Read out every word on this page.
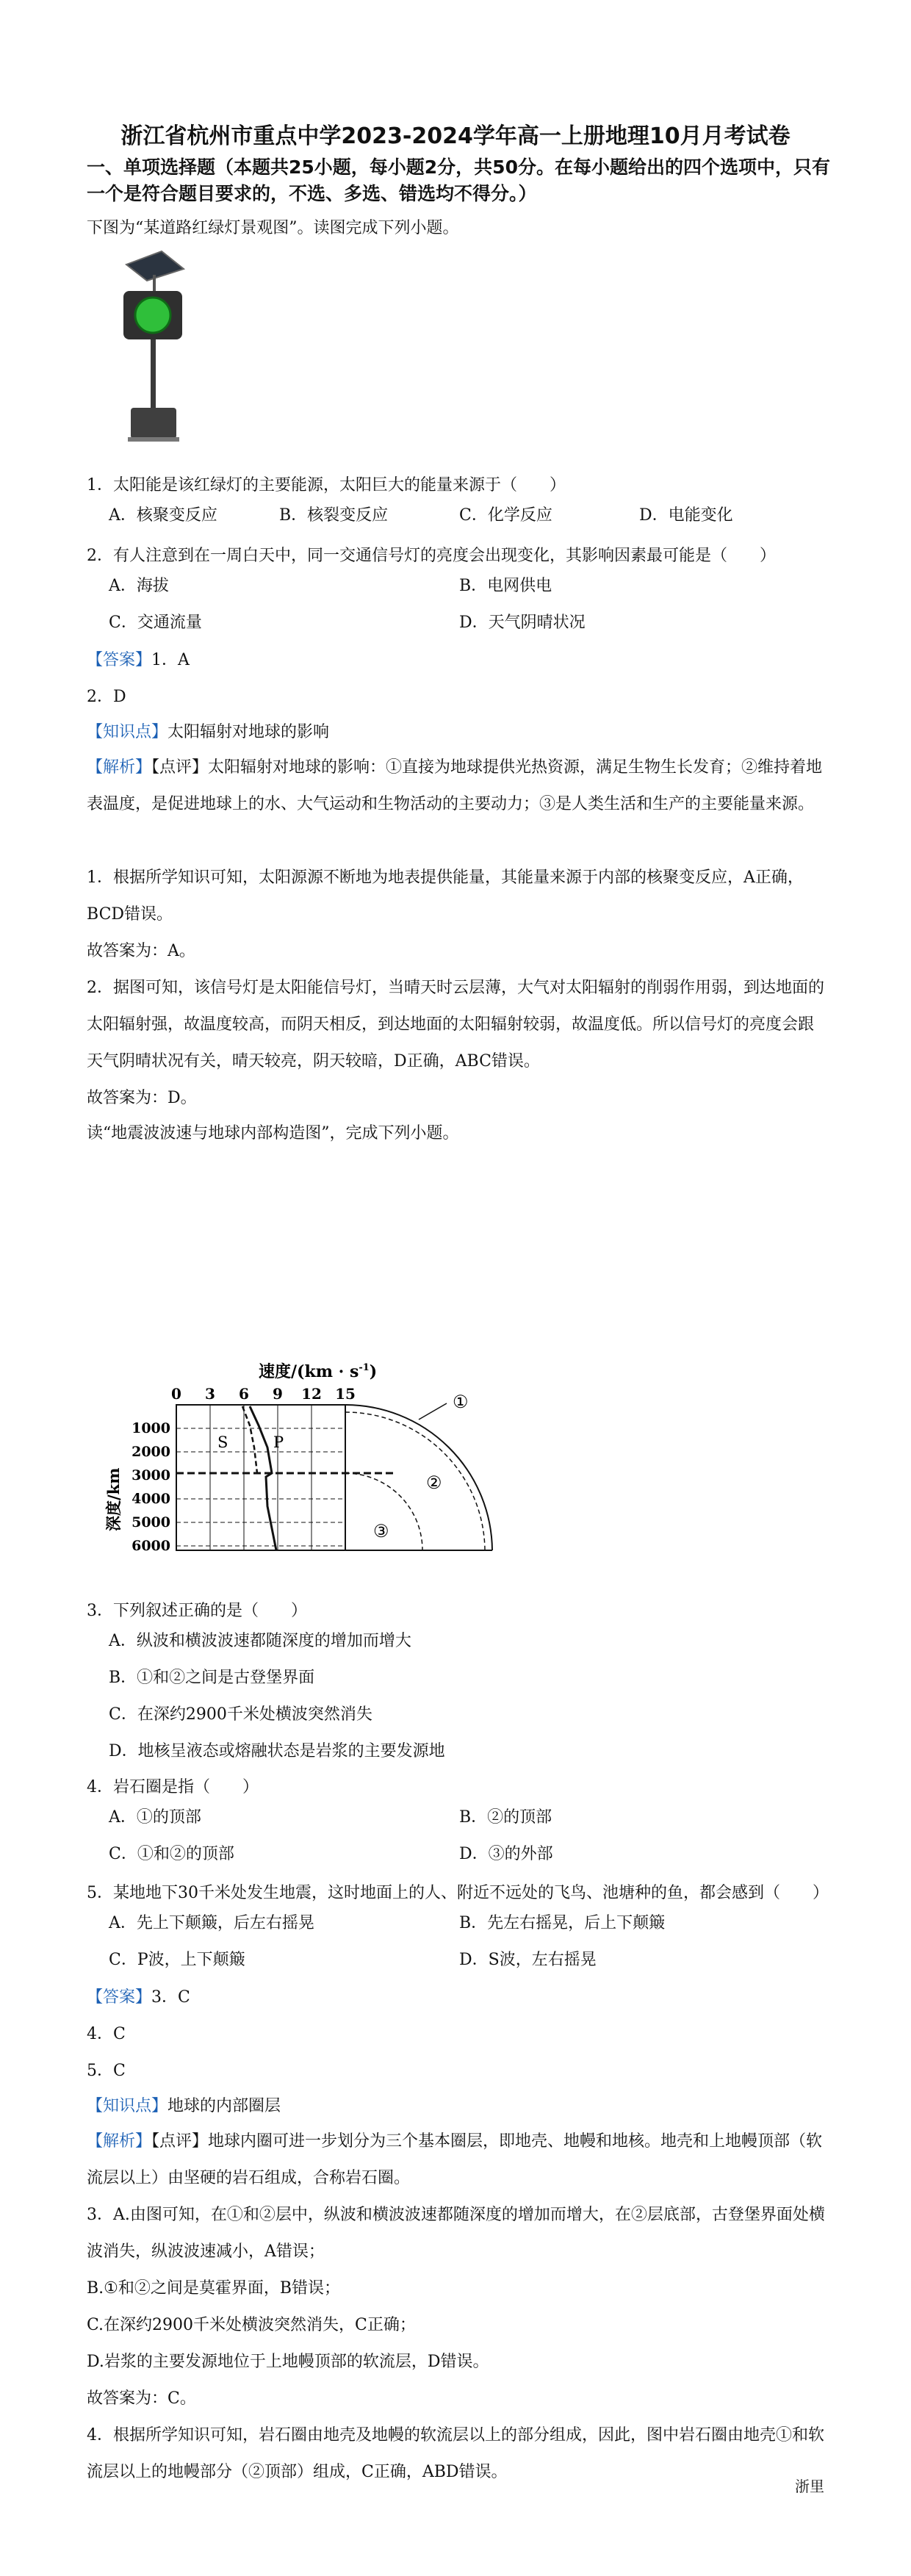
浙江省杭州市重点中学2023-2024学年高一上册地理10月月考试卷
一、单项选择题（本题共25小题，每小题2分，共50分。在每小题给出的四个选项中，只有一个是符合题目要求的，不选、多选、错选均不得分。）
下图为“某道路红绿灯景观图”。读图完成下列小题。
1．太阳能是该红绿灯的主要能源，太阳巨大的能量来源于（　　）
A．核聚变反应	B．核裂变反应	C．化学反应	D．电能变化
2．有人注意到在一周白天中，同一交通信号灯的亮度会出现变化，其影响因素最可能是（　　）
A．海拔	B．电网供电
C．交通流量	D．天气阴晴状况
【答案】1．A
2．D
【知识点】太阳辐射对地球的影响
【解析】【点评】太阳辐射对地球的影响：①直接为地球提供光热资源，满足生物生长发育；②维持着地表温度，是促进地球上的水、大气运动和生物活动的主要动力；③是人类生活和生产的主要能量来源。
1．根据所学知识可知，太阳源源不断地为地表提供能量，其能量来源于内部的核聚变反应，A正确，BCD错误。
故答案为：A。
2．据图可知，该信号灯是太阳能信号灯，当晴天时云层薄，大气对太阳辐射的削弱作用弱，到达地面的太阳辐射强，故温度较高，而阴天相反，到达地面的太阳辐射较弱，故温度低。所以信号灯的亮度会跟天气阴晴状况有关，晴天较亮，阴天较暗，D正确，ABC错误。
故答案为：D。
读“地震波波速与地球内部构造图”，完成下列小题。
速度$/(km \cdot s^{-1})$
0 3 6 9 12 15
1000
2000
3000
4000
5000
6000
深度/km
S	P
①
②
③
3．下列叙述正确的是（　　）
A．纵波和横波波速都随深度的增加而增大
B．①和②之间是古登堡界面
C．在深约2900千米处横波突然消失
D．地核呈液态或熔融状态是岩浆的主要发源地
4．岩石圈是指（　　）
A．①的顶部	B．②的顶部
C．①和②的顶部	D．③的外部
5．某地地下30千米处发生地震，这时地面上的人、附近不远处的飞鸟、池塘种的鱼，都会感到（　　）
A．先上下颠簸，后左右摇晃	B．先左右摇晃，后上下颠簸
C．P波，上下颠簸	D．S波，左右摇晃
【答案】3．C
4．C
5．C
【知识点】地球的内部圈层
【解析】【点评】地球内圈可进一步划分为三个基本圈层，即地壳、地幔和地核。地壳和上地幔顶部（软流层以上）由坚硬的岩石组成，合称岩石圈。
3．A.由图可知，在①和②层中，纵波和横波波速都随深度的增加而增大，在②层底部，古登堡界面处横波消失，纵波波速减小，A错误；
B.①和②之间是莫霍界面，B错误；
C.在深约2900千米处横波突然消失，C正确；
D.岩浆的主要发源地位于上地幔顶部的软流层，D错误。
故答案为：C。
4．根据所学知识可知，岩石圈由地壳及地幔的软流层以上的部分组成，因此，图中岩石圈由地壳①和软流层以上的地幔部分（②顶部）组成，C正确，ABD错误。
浙里
